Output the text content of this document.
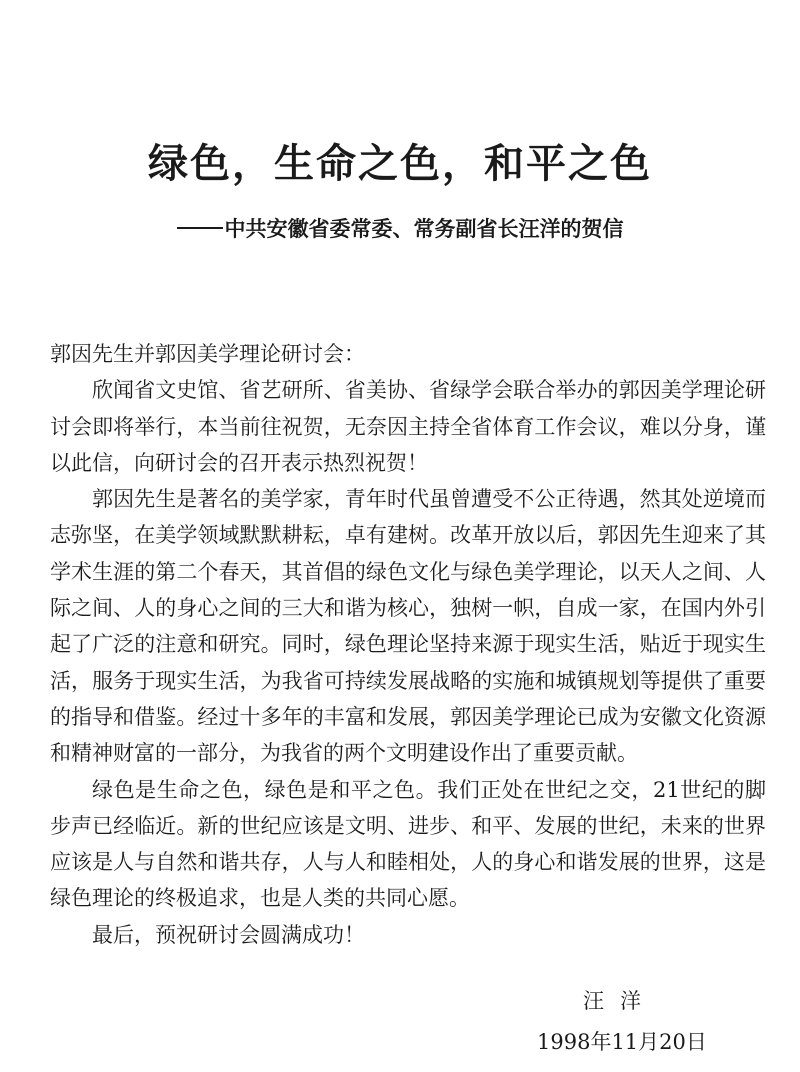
绿色，生命之色，和平之色
中共安徽省委常委、常务副省长汪洋的贺信

郭因先生并郭因美学理论研讨会：

欣闻省文史馆、省艺研所、省美协、省绿学会联合举办的郭因美学理论研讨会即将举行，本当前往祝贺，无奈因主持全省体育工作会议，难以分身，谨以此信，向研讨会的召开表示热烈祝贺！

郭因先生是著名的美学家，青年时代虽曾遭受不公正待遇，然其处逆境而志弥坚，在美学领域默默耕耘，卓有建树。改革开放以后，郭因先生迎来了其学术生涯的第二个春天，其首倡的绿色文化与绿色美学理论，以天人之间、人际之间、人的身心之间的三大和谐为核心，独树一帜，自成一家，在国内外引起了广泛的注意和研究。同时，绿色理论坚持来源于现实生活，贴近于现实生活，服务于现实生活，为我省可持续发展战略的实施和城镇规划等提供了重要的指导和借鉴。经过十多年的丰富和发展，郭因美学理论已成为安徽文化资源和精神财富的一部分，为我省的两个文明建设作出了重要贡献。

绿色是生命之色，绿色是和平之色。我们正处在世纪之交，21世纪的脚步声已经临近。新的世纪应该是文明、进步、和平、发展的世纪，未来的世界应该是人与自然和谐共存，人与人和睦相处，人的身心和谐发展的世界，这是绿色理论的终极追求，也是人类的共同心愿。

最后，预祝研讨会圆满成功！

汪洋

1998年11月20日
